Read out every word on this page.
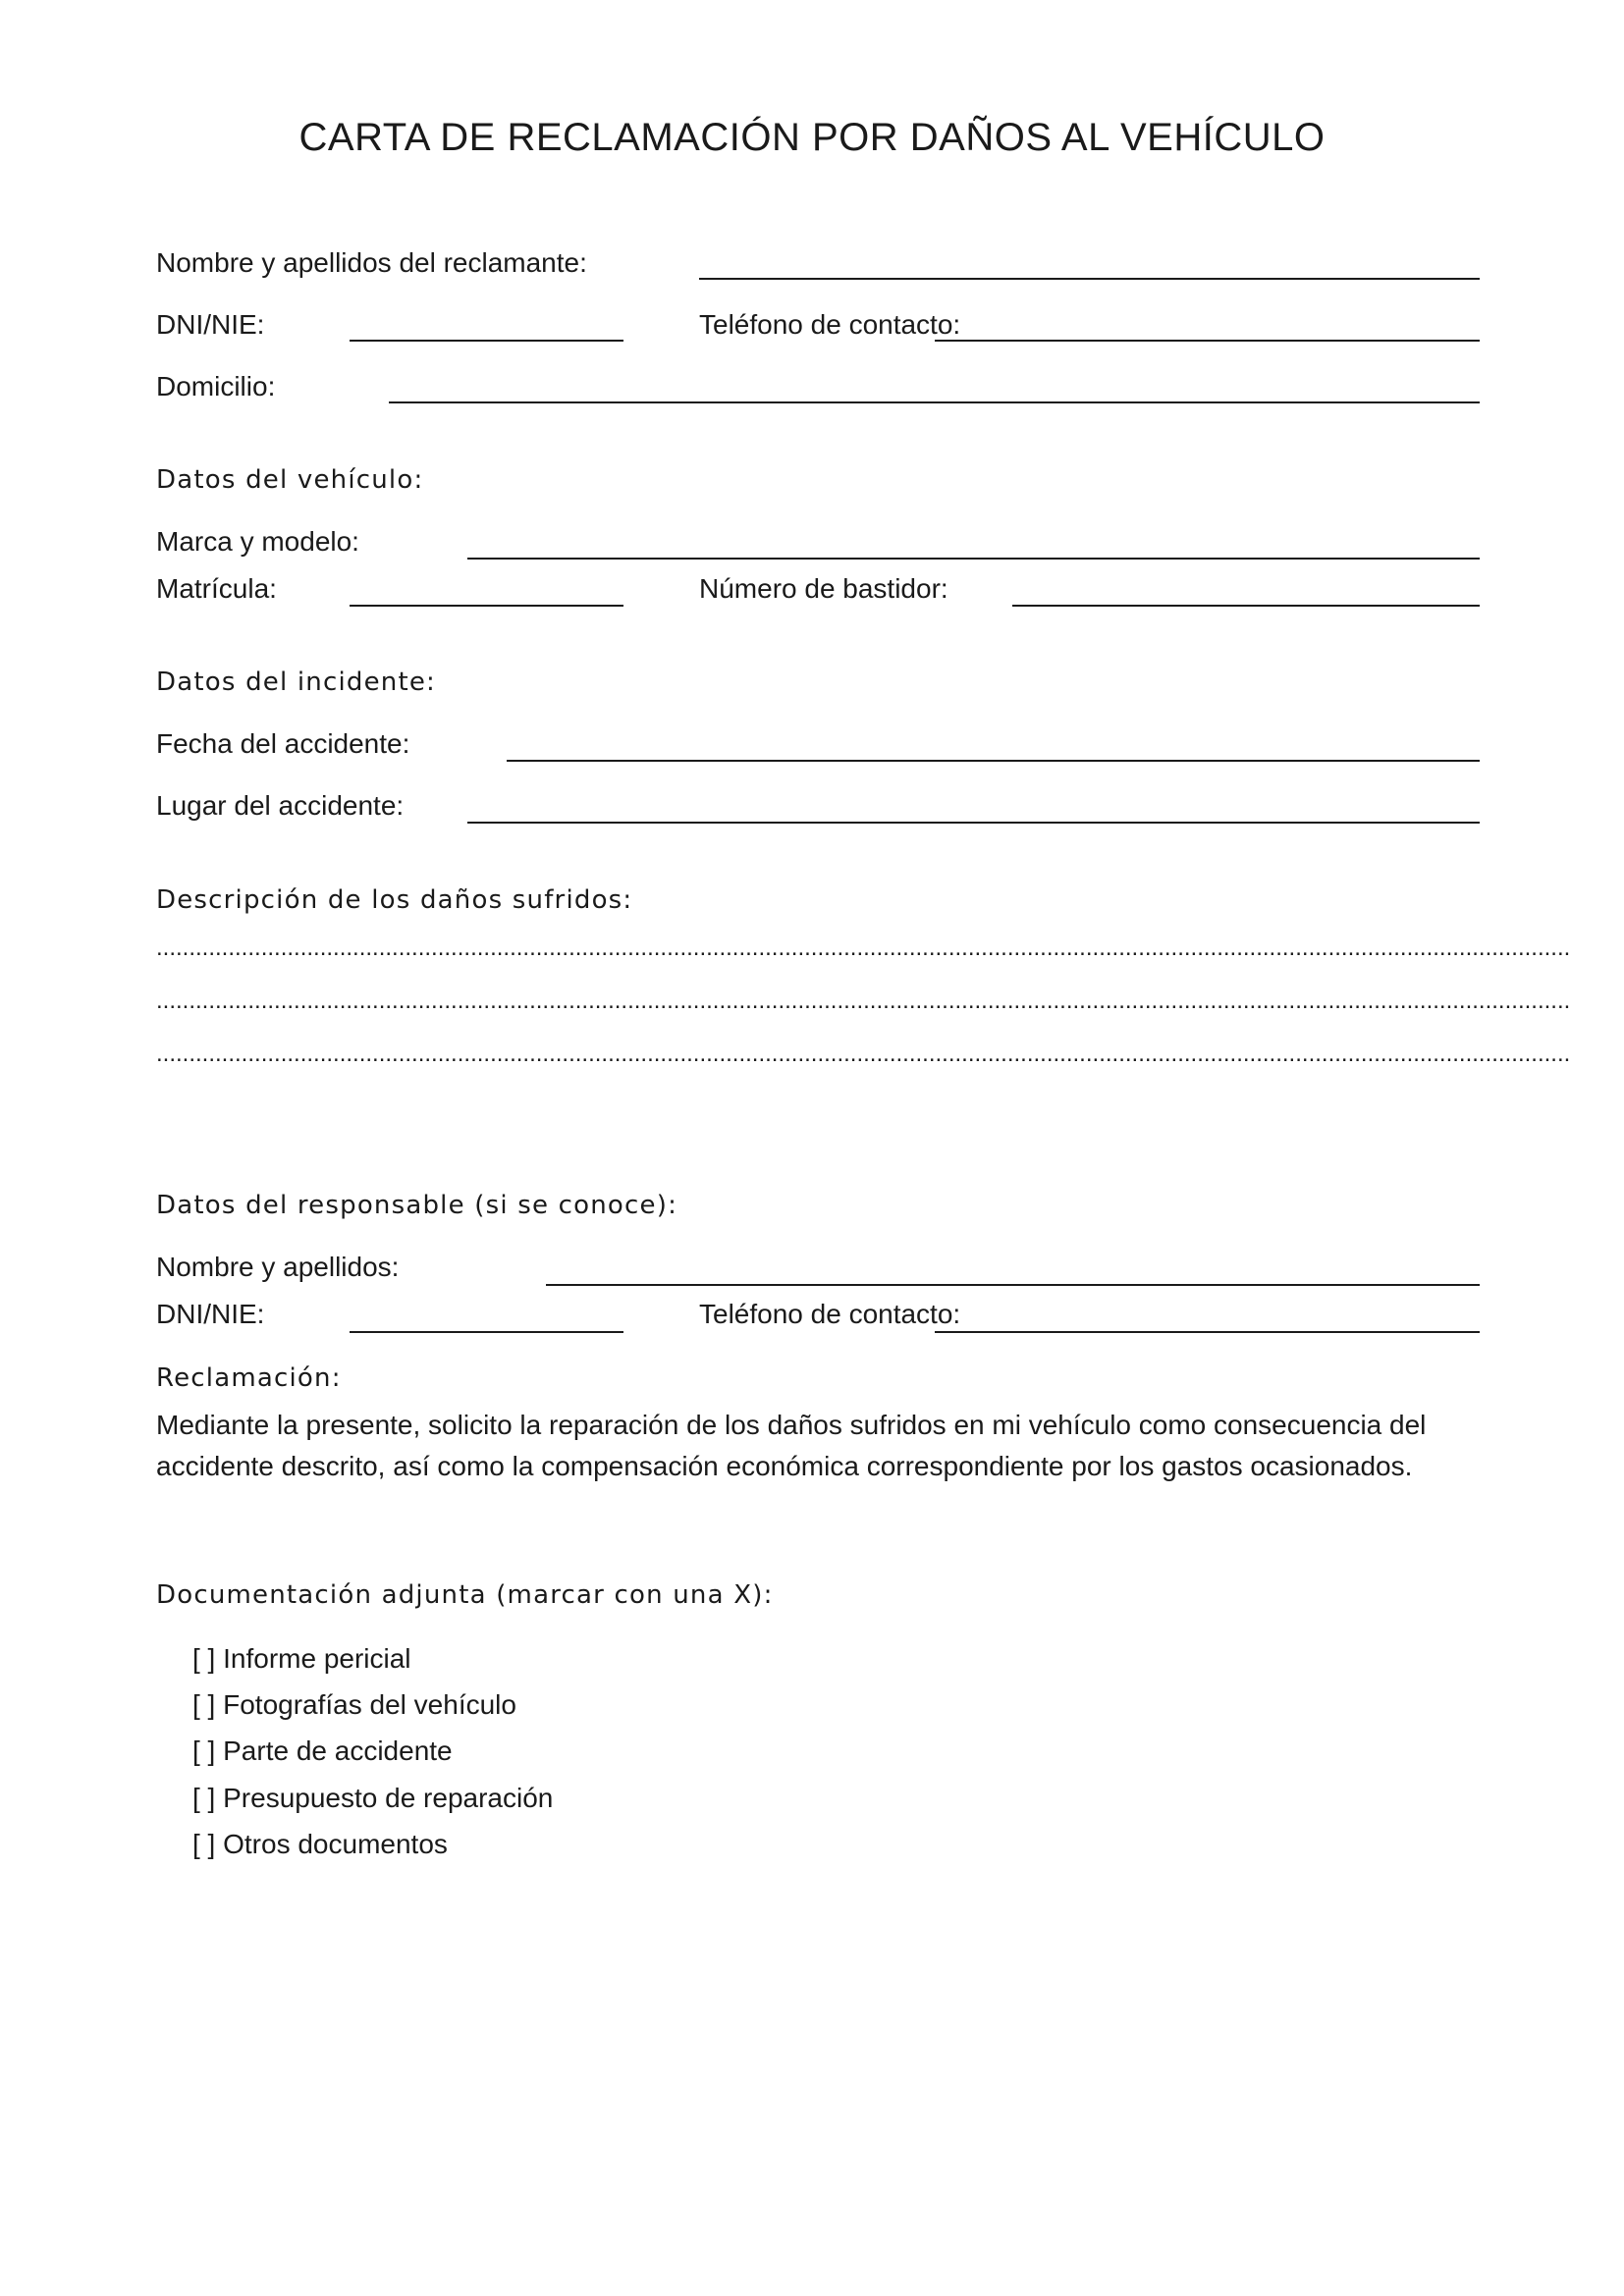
CARTA DE RECLAMACIÓN POR DAÑOS AL VEHÍCULO
Nombre y apellidos del reclamante:
DNI/NIE:	Teléfono de contacto:
Domicilio:
Datos del vehículo:
Marca y modelo:
Matrícula:	Número de bastidor:
Datos del incidente:
Fecha del accidente:
Lugar del accidente:
Descripción de los daños sufridos:
........................................................................................................................................................................................................................
........................................................................................................................................................................................................................
........................................................................................................................................................................................................................
Datos del responsable (si se conoce):
Nombre y apellidos:
DNI/NIE:	Teléfono de contacto:
Reclamación:
Mediante la presente, solicito la reparación de los daños sufridos en mi vehículo como consecuencia del accidente descrito, así como la compensación económica correspondiente por los gastos ocasionados.
Documentación adjunta (marcar con una X):
[ ] Informe pericial
[ ] Fotografías del vehículo
[ ] Parte de accidente
[ ] Presupuesto de reparación
[ ] Otros documentos
